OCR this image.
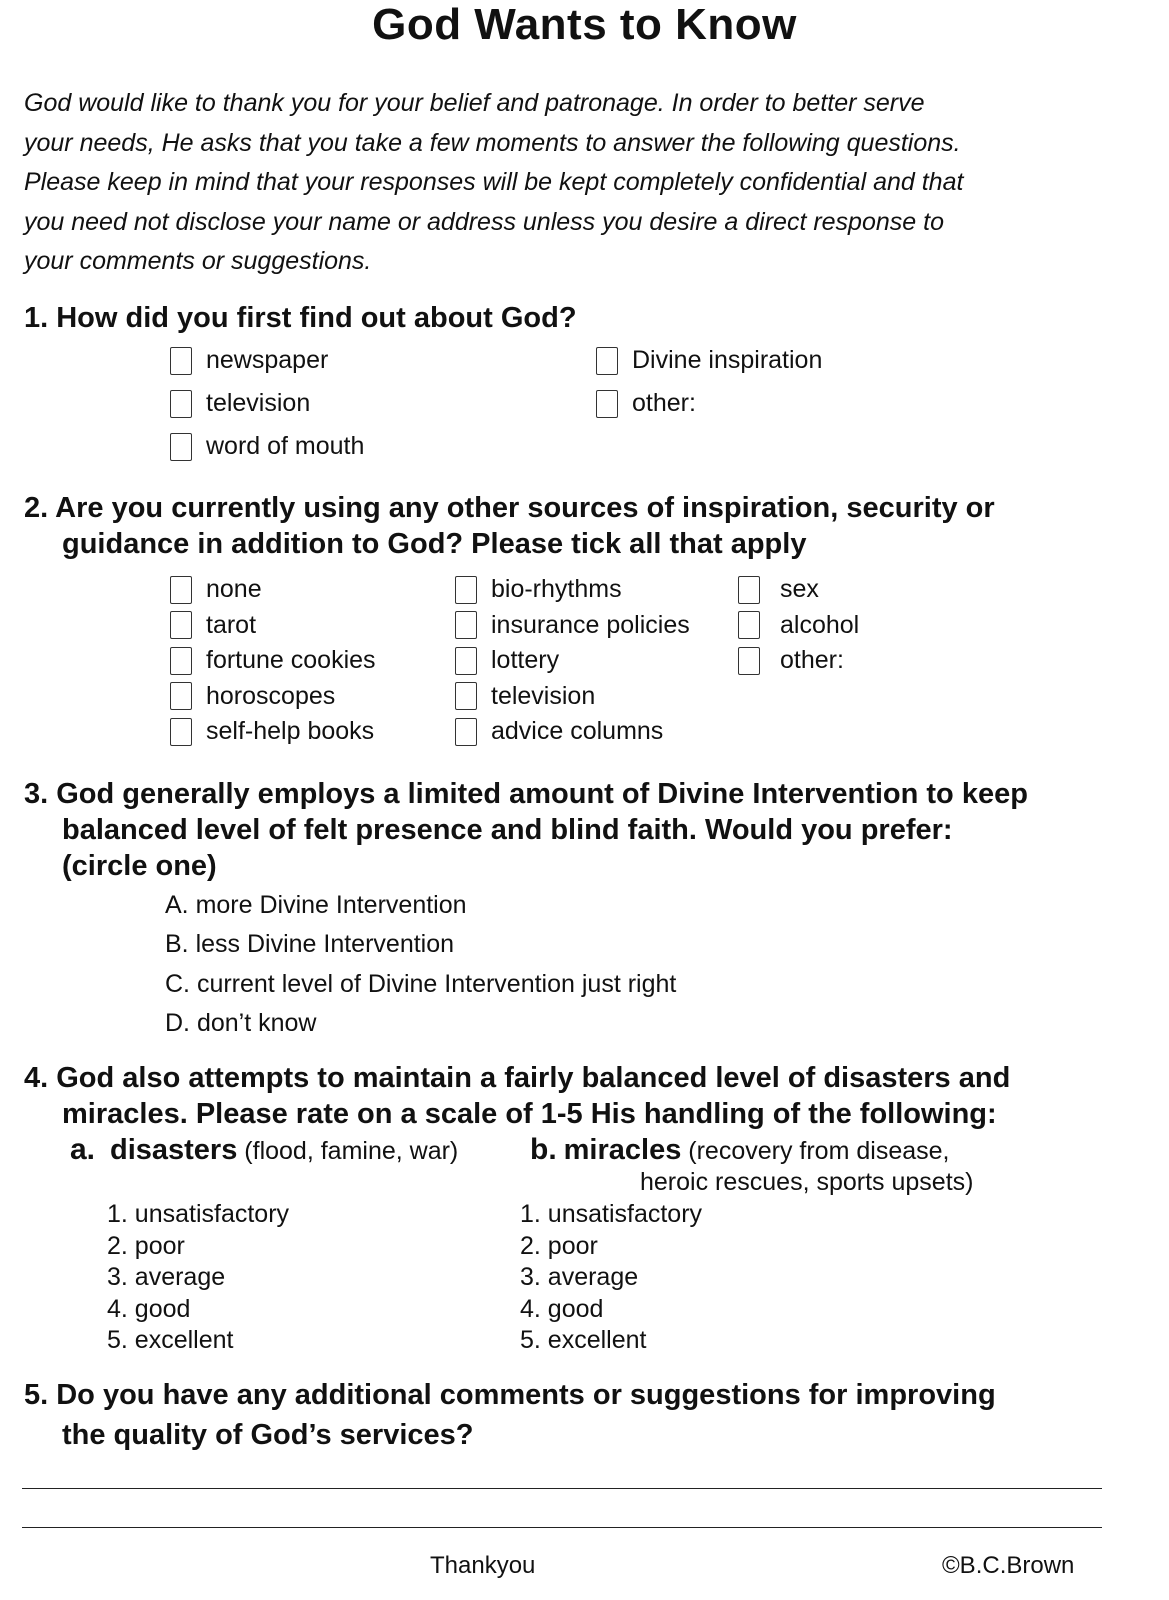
God Wants to Know
God would like to thank you for your belief and patronage. In order to better serve
your needs, He asks that you take a few moments to answer the following questions.
Please keep in mind that your responses will be kept completely confidential and that
you need not disclose your name or address unless you desire a direct response to
your comments or suggestions.
1. How did you first find out about God?
newspaper
television
word of mouth
Divine inspiration
other:
2. Are you currently using any other sources of inspiration, security or
guidance in addition to God? Please tick all that apply
none
tarot
fortune cookies
horoscopes
self-help books
bio-rhythms
insurance policies
lottery
television
advice columns
sex
alcohol
other:
3. God generally employs a limited amount of Divine Intervention to keep
balanced level of felt presence and blind faith. Would you prefer:
(circle one)
A. more Divine Intervention
B. less Divine Intervention
C. current level of Divine Intervention just right
D. don’t know
4. God also attempts to maintain a fairly balanced level of disasters and
miracles. Please rate on a scale of 1-5 His handling of the following:
a. disasters (flood, famine, war) b. miracles (recovery from disease,
heroic rescues, sports upsets)
1. unsatisfactory
2. poor
3. average
4. good
5. excellent
1. unsatisfactory
2. poor
3. average
4. good
5. excellent
5. Do you have any additional comments or suggestions for improving
the quality of God’s services?
Thankyou	©B.C.Brown
